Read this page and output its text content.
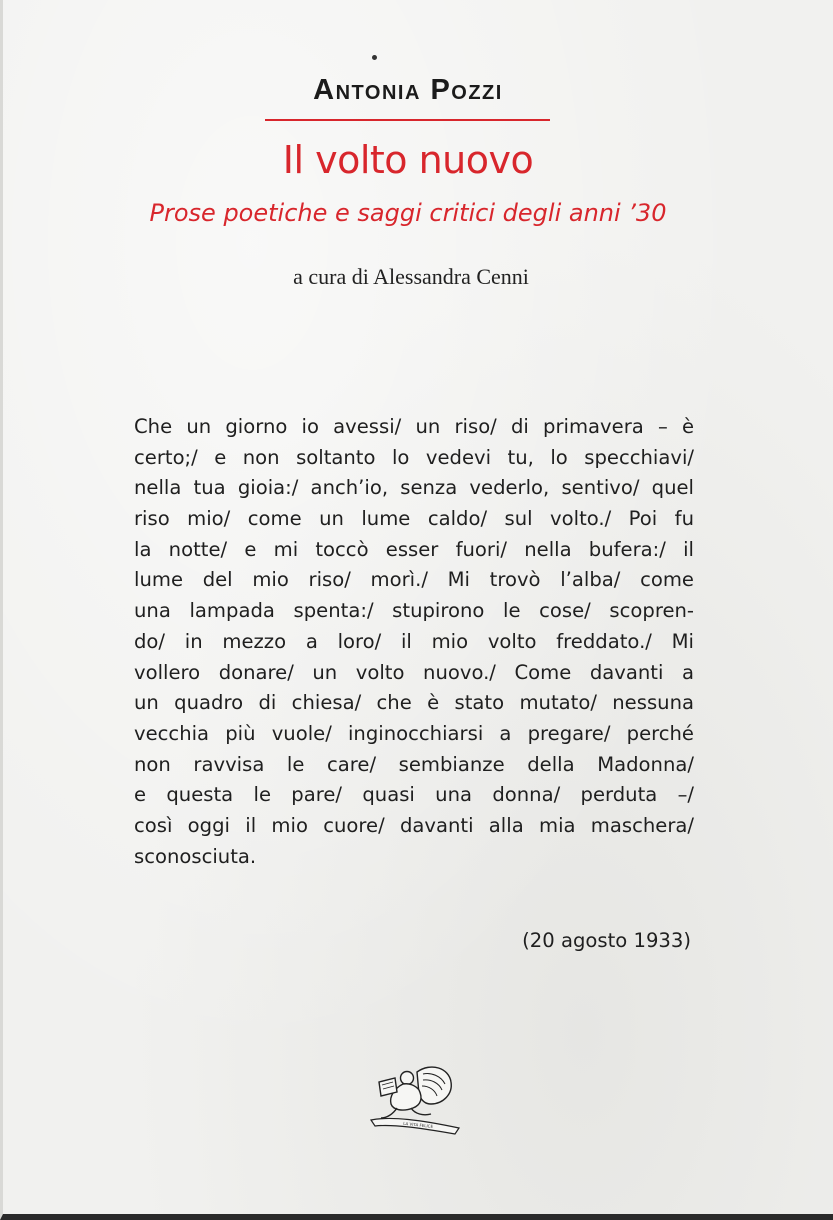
Antonia Pozzi
Il volto nuovo
Prose poetiche e saggi critici degli anni ’30
a cura di Alessandra Cenni
Che un giorno io avessi/ un riso/ di primavera – è
certo;/ e non soltanto lo vedevi tu, lo specchiavi/
nella tua gioia:/ anch’io, senza vederlo, sentivo/ quel
riso mio/ come un lume caldo/ sul volto./ Poi fu
la notte/ e mi toccò esser fuori/ nella bufera:/ il
lume del mio riso/ morì./ Mi trovò l’alba/ come
una lampada spenta:/ stupirono le cose/ scopren-
do/ in mezzo a loro/ il mio volto freddato./ Mi
vollero donare/ un volto nuovo./ Come davanti a
un quadro di chiesa/ che è stato mutato/ nessuna
vecchia più vuole/ inginocchiarsi a pregare/ perché
non ravvisa le care/ sembianze della Madonna/
e questa le pare/ quasi una donna/ perduta –/
così oggi il mio cuore/ davanti alla mia maschera/
sconosciuta.
(20 agosto 1933)
LA VITA FELICE
